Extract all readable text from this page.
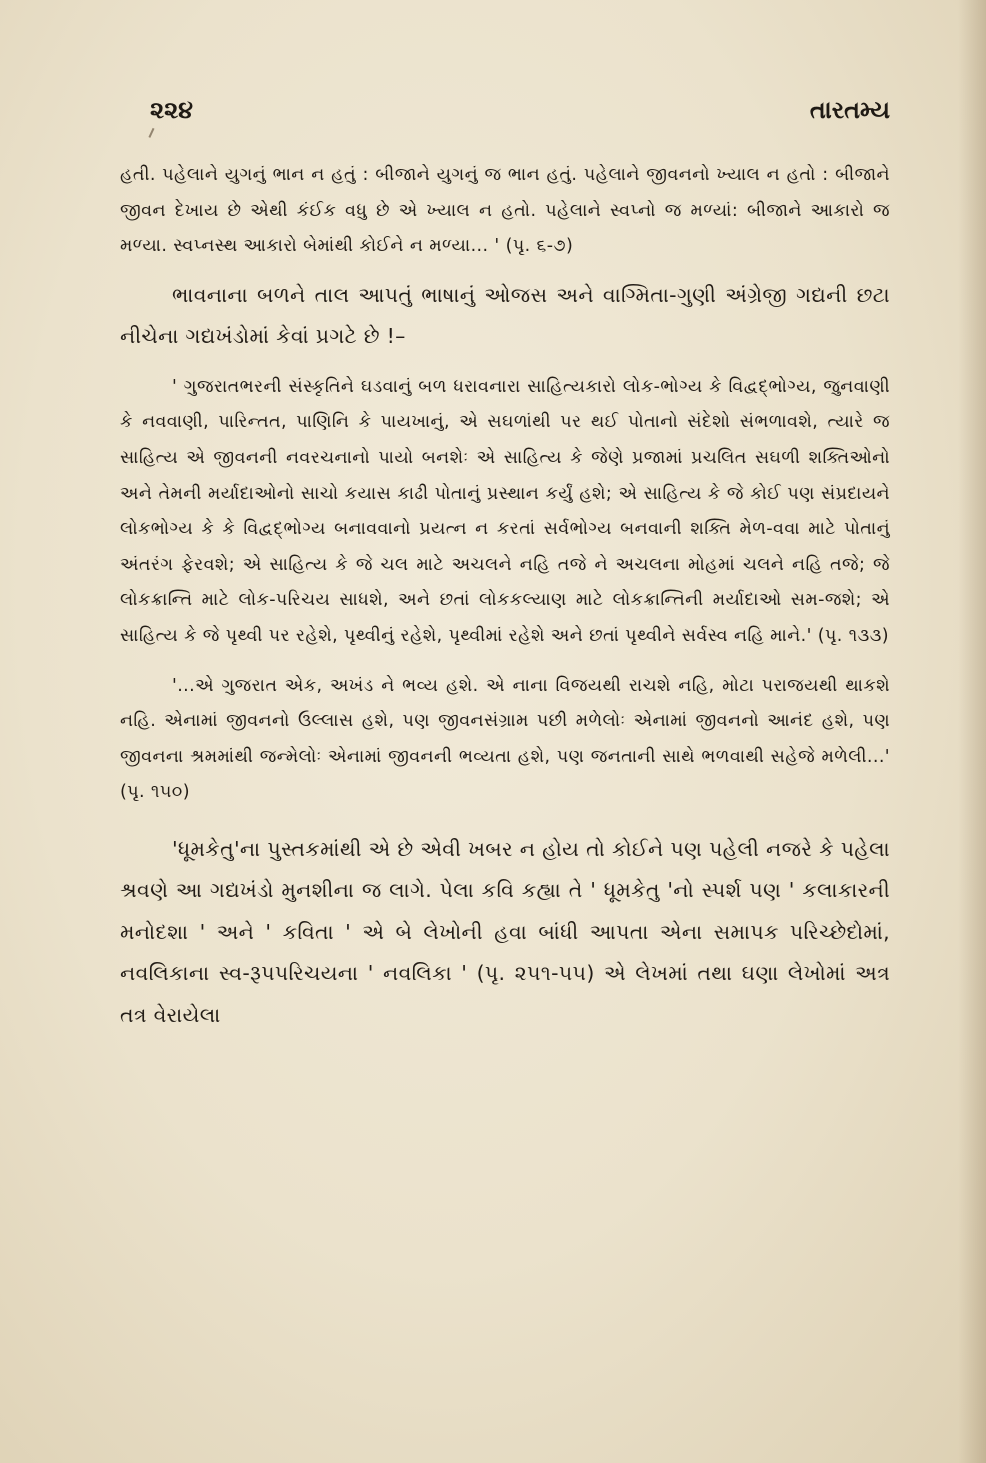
૨૨૪	તારતમ્ય

હતી. પહેલાને યુગનું ભાન ન હતું : બીજાને યુગનું જ ભાન હતું. પહેલાને જીવનનો ખ્યાલ ન હતો : બીજાને જીવન દેખાય છે એથી કંઈક વધુ છે એ ખ્યાલ ન હતો. પહેલાને સ્વપ્નો જ મળ્યાં: બીજાને આકારો જ મળ્યા. સ્વપ્નસ્થ આકારો બેમાંથી કોઈને ન મળ્યા... ' (પૃ. ૬-૭)

ભાવનાના બળને તાલ આપતું ભાષાનું ઓજસ અને વાગ્મિતા-ગુણી અંગ્રેજી ગદ્યની છટા નીચેના ગદ્યખંડોમાં કેવાં પ્રગટે છે !–

' ગુજરાતભરની સંસ્કૃતિને ઘડવાનું બળ ધરાવનારા સાહિત્યકારો લોક-ભોગ્ય કે વિદ્વદ્ભોગ્ય, જુનવાણી કે નવવાણી, પારિન્તત, પાણિનિ કે પાયખાનું, એ સઘળાંથી પર થઈ પોતાનો સંદેશો સંભળાવશે, ત્યારે જ સાહિત્ય એ જીવનની નવરચનાનો પાયો બનશેઃ એ સાહિત્ય કે જેણે પ્રજામાં પ્રચલિત સઘળી શક્તિઓનો અને તેમની મર્યાદાઓનો સાચો કયાસ કાઢી પોતાનું પ્રસ્થાન કર્યું હશે; એ સાહિત્ય કે જે કોઈ પણ સંપ્રદાયને લોકભોગ્ય કે કે વિદ્વદ્ભોગ્ય બનાવવાનો પ્રયત્ન ન કરતાં સર્વભોગ્ય બનવાની શક્તિ મેળ-વવા માટે પોતાનું અંતરંગ ફેરવશે; એ સાહિત્ય કે જે ચલ માટે અચલને નહિ તજે ને અચલના મોહમાં ચલને નહિ તજે; જે લોકક્રાન્તિ માટે લોક-પરિચય સાધશે, અને છતાં લોકકલ્યાણ માટે લોકક્રાન્તિની મર્યાદાઓ સમ-જશે; એ સાહિત્ય કે જે પૃથ્વી પર રહેશે, પૃથ્વીનું રહેશે, પૃથ્વીમાં રહેશે અને છતાં પૃથ્વીને સર્વસ્વ નહિ માને.' (પૃ. ૧૩૩)

'...એ ગુજરાત એક, અખંડ ને ભવ્ય હશે. એ નાના વિજયથી રાચશે નહિ, મોટા પરાજયથી થાકશે નહિ. એનામાં જીવનનો ઉલ્લાસ હશે, પણ જીવનસંગ્રામ પછી મળેલોઃ એનામાં જીવનનો આનંદ હશે, પણ જીવનના શ્રમમાંથી જન્મેલોઃ એનામાં જીવનની ભવ્યતા હશે, પણ જનતાની સાથે ભળવાથી સહેજે મળેલી...' (પૃ. ૧૫૦)

'ધૂમકેતુ'ના પુસ્તકમાંથી એ છે એવી ખબર ન હોય તો કોઈને પણ પહેલી નજરે કે પહેલા શ્રવણે આ ગદ્યખંડો મુનશીના જ લાગે. પેલા કવિ કહ્યા તે ' ધૂમકેતુ 'નો સ્પર્શ પણ ' કલાકારની મનોદશા ' અને ' કવિતા ' એ બે લેખોની હવા બાંધી આપતા એના સમાપક પરિચ્છેદોમાં, નવલિકાના સ્વ-રૂપપરિચયના ' નવલિકા ' (પૃ. ૨૫૧-૫૫) એ લેખમાં તથા ઘણા લેખોમાં અત્ર તત્ર વેરાયેલા
